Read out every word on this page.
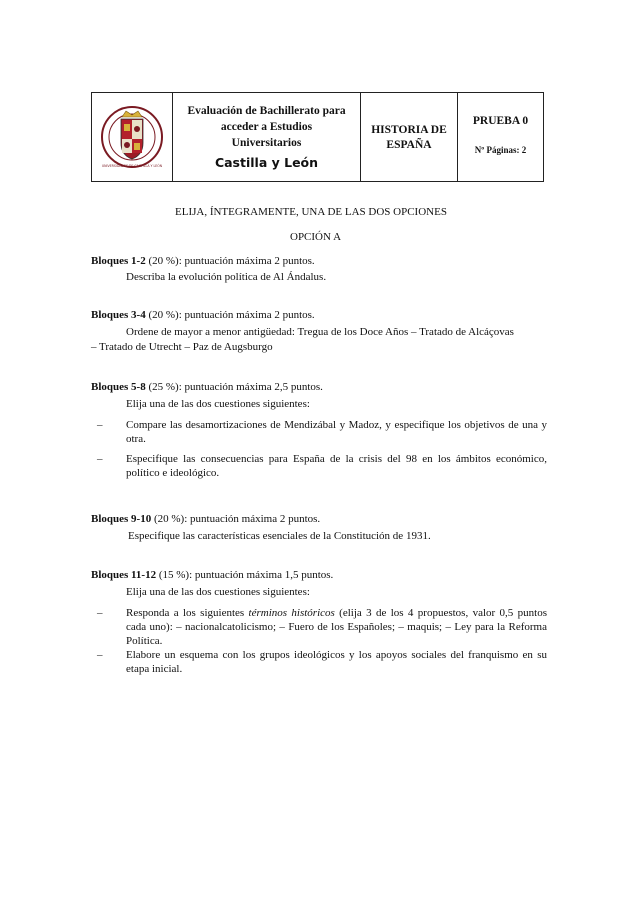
UNIVERSIDADES DE CASTILLA Y LEÓN
Evaluación de Bachillerato para
acceder a Estudios
Universitarios
Castilla y León
HISTORIA DE
ESPAÑA
PRUEBA 0
Nº Páginas: 2
ELIJA, ÍNTEGRAMENTE, UNA DE LAS DOS OPCIONES
OPCIÓN A
Bloques 1-2 (20 %): puntuación máxima 2 puntos.
Describa la evolución política de Al Ándalus.
Bloques 3-4 (20 %): puntuación máxima 2 puntos.
Ordene de mayor a menor antigüedad: Tregua de los Doce Años – Tratado de Alcáçovas
– Tratado de Utrecht – Paz de Augsburgo
Bloques 5-8 (25 %): puntuación máxima 2,5 puntos.
Elija una de las dos cuestiones siguientes:
– Compare las desamortizaciones de Mendizábal y Madoz, y especifique los objetivos de una y otra.
– Especifique las consecuencias para España de la crisis del 98 en los ámbitos económico, político e ideológico.
Bloques 9-10 (20 %): puntuación máxima 2 puntos.
Especifique las características esenciales de la Constitución de 1931.
Bloques 11-12 (15 %): puntuación máxima 1,5 puntos.
Elija una de las dos cuestiones siguientes:
– Responda a los siguientes términos históricos (elija 3 de los 4 propuestos, valor 0,5 puntos cada uno): – nacionalcatolicismo; – Fuero de los Españoles; – maquis; – Ley para la Reforma Política.
– Elabore un esquema con los grupos ideológicos y los apoyos sociales del franquismo en su etapa inicial.
